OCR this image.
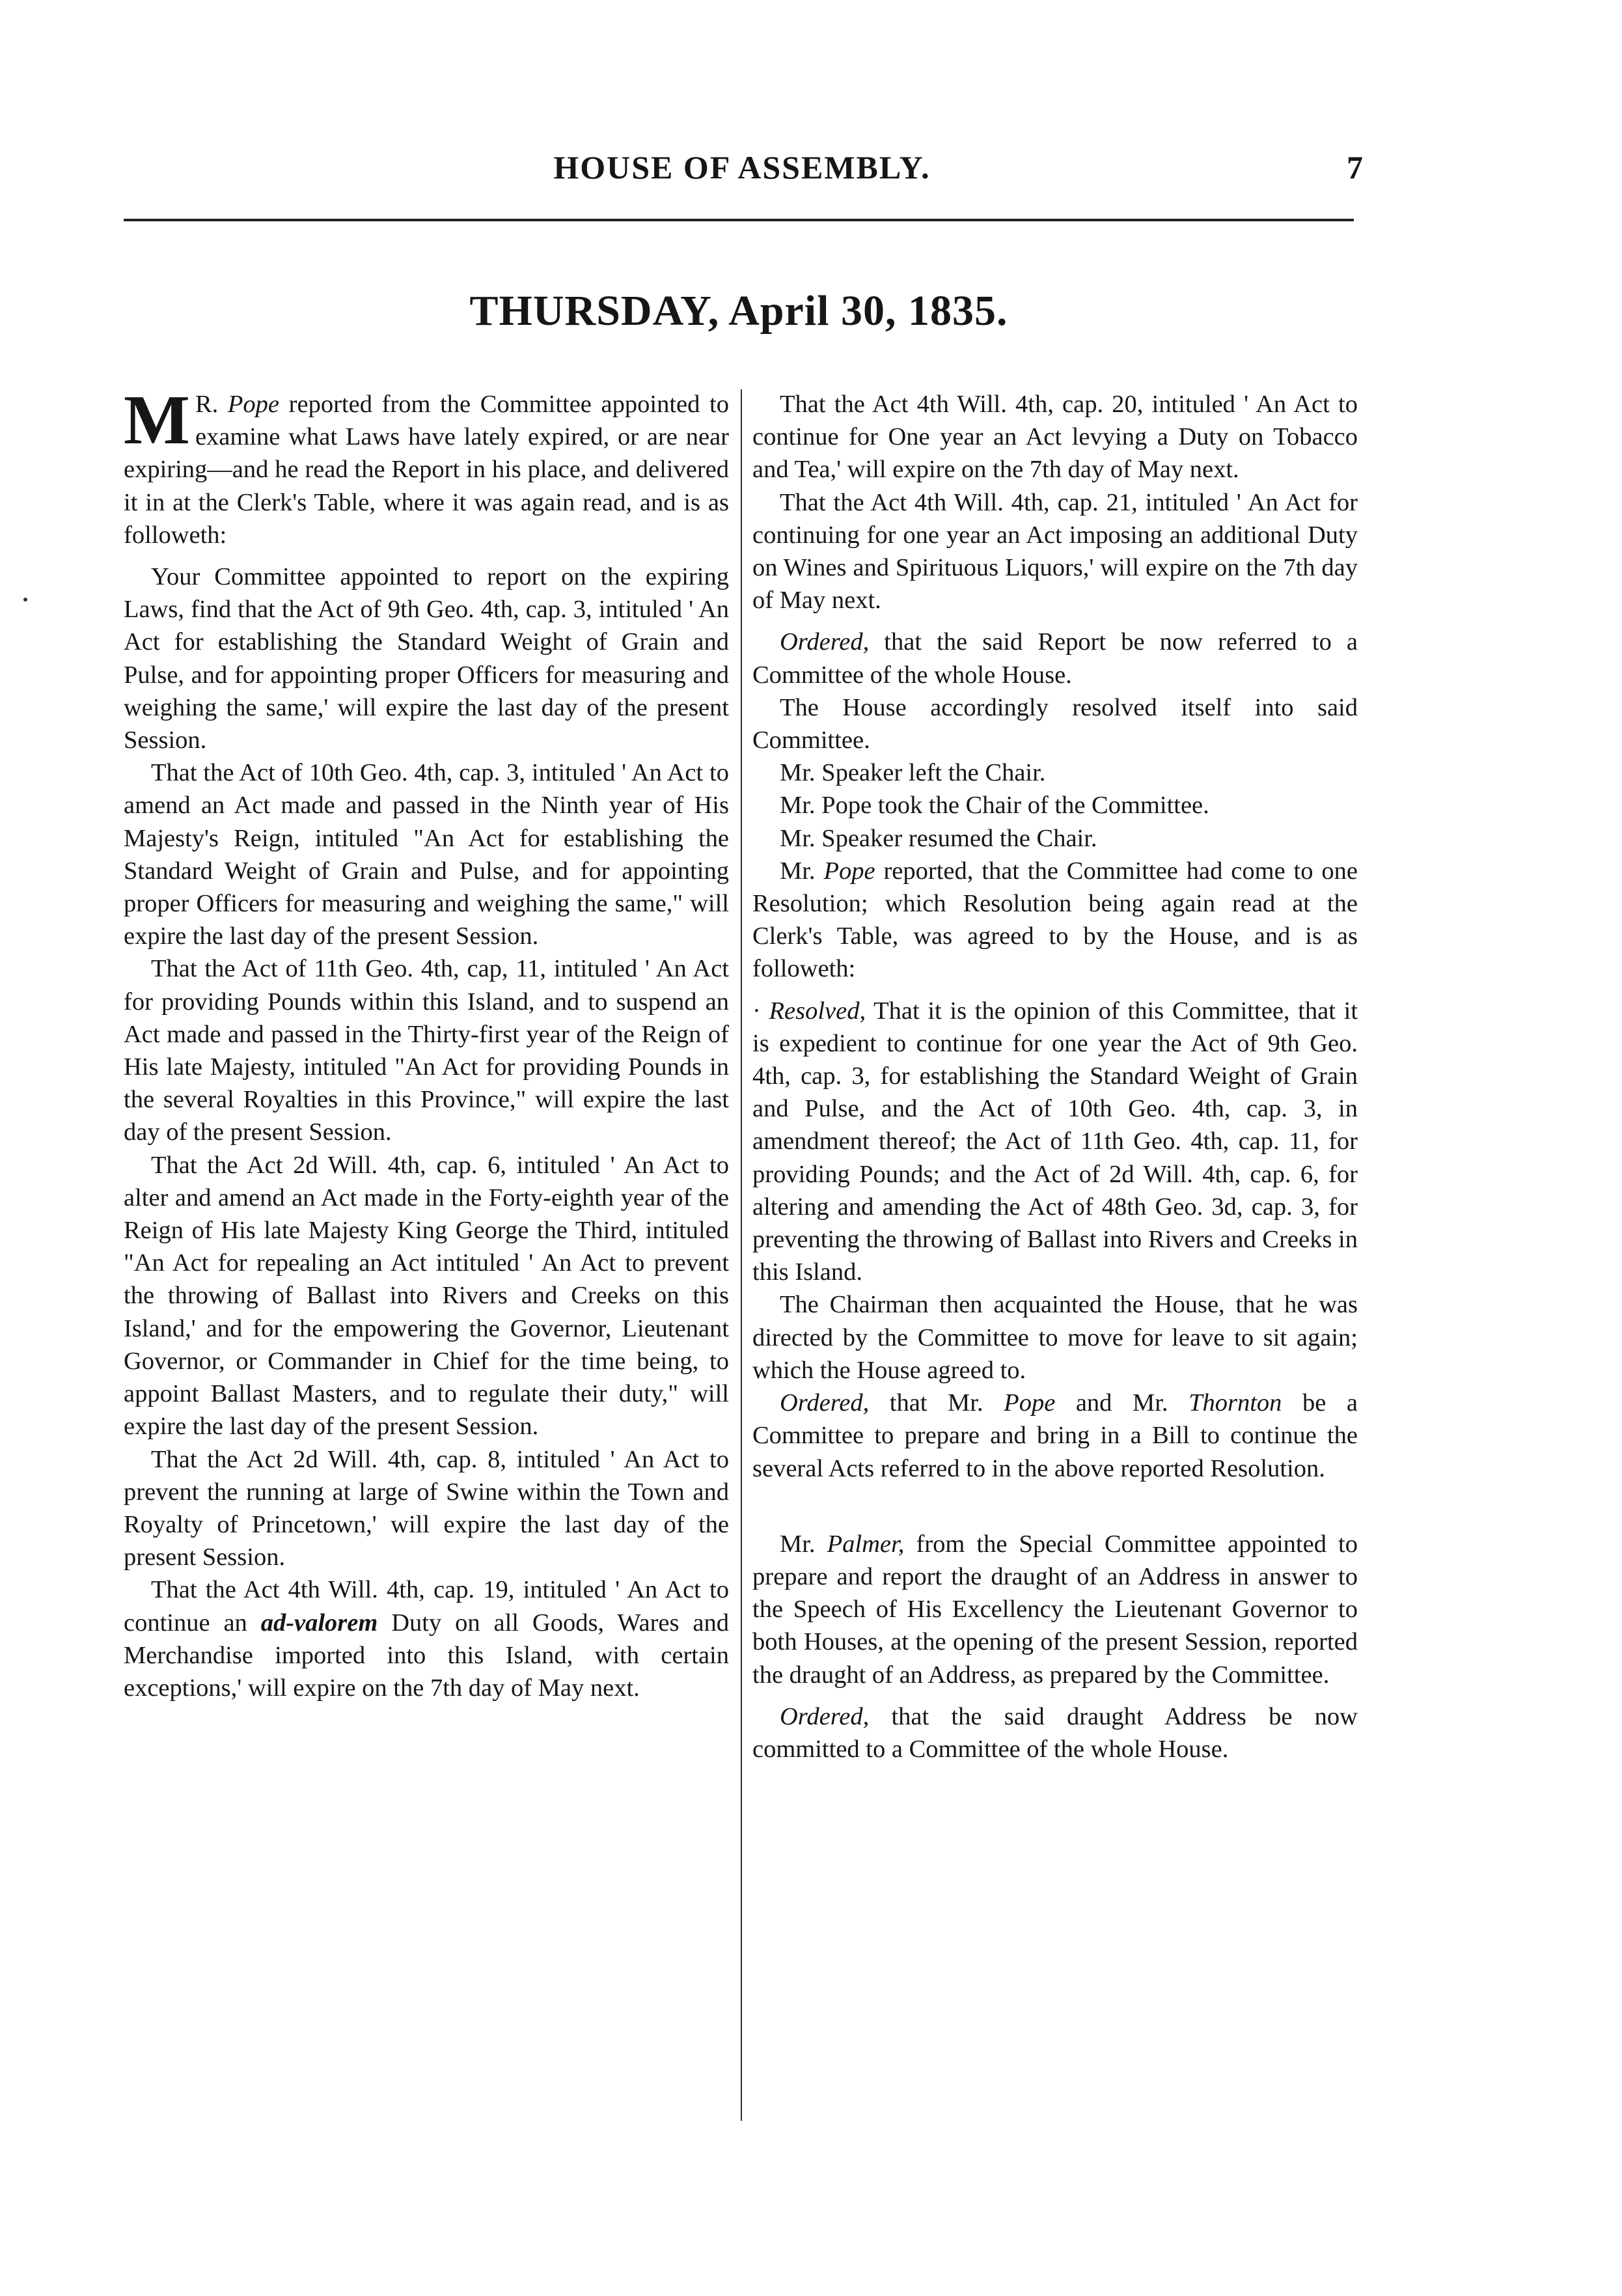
HOUSE OF ASSEMBLY.	7
THURSDAY, April 30, 1835.

M R. Pope reported from the Committee appointed to examine what Laws have lately expired, or are near expiring—and he read the Report in his place, and delivered it in at the Clerk's Table, where it was again read, and is as followeth:

Your Committee appointed to report on the expiring Laws, find that the Act of 9th Geo. 4th, cap. 3, intituled ' An Act for establishing the Standard Weight of Grain and Pulse, and for appointing proper Officers for measuring and weighing the same,' will expire the last day of the present Session.

That the Act of 10th Geo. 4th, cap. 3, intituled ' An Act to amend an Act made and passed in the Ninth year of His Majesty's Reign, intituled "An Act for establishing the Standard Weight of Grain and Pulse, and for appointing proper Officers for measuring and weighing the same," will expire the last day of the present Session.

That the Act of 11th Geo. 4th, cap, 11, intituled ' An Act for providing Pounds within this Island, and to suspend an Act made and passed in the Thirty-first year of the Reign of His late Majesty, intituled "An Act for providing Pounds in the several Royalties in this Province," will expire the last day of the present Session.

That the Act 2d Will. 4th, cap. 6, intituled ' An Act to alter and amend an Act made in the Forty-eighth year of the Reign of His late Majesty King George the Third, intituled "An Act for repealing an Act intituled ' An Act to prevent the throwing of Ballast into Rivers and Creeks on this Island,' and for the empowering the Governor, Lieutenant Governor, or Commander in Chief for the time being, to appoint Ballast Masters, and to regulate their duty," will expire the last day of the present Session.

That the Act 2d Will. 4th, cap. 8, intituled ' An Act to prevent the running at large of Swine within the Town and Royalty of Princetown,' will expire the last day of the present Session.

That the Act 4th Will. 4th, cap. 19, intituled ' An Act to continue an ad-valorem Duty on all Goods, Wares and Merchandise imported into this Island, with certain exceptions,' will expire on the 7th day of May next.

That the Act 4th Will. 4th, cap. 20, intituled ' An Act to continue for One year an Act levying a Duty on Tobacco and Tea,' will expire on the 7th day of May next.

That the Act 4th Will. 4th, cap. 21, intituled ' An Act for continuing for one year an Act imposing an additional Duty on Wines and Spirituous Liquors,' will expire on the 7th day of May next.

Ordered, that the said Report be now referred to a Committee of the whole House.

The House accordingly resolved itself into said Committee.

Mr. Speaker left the Chair.

Mr. Pope took the Chair of the Committee.

Mr. Speaker resumed the Chair.

Mr. Pope reported, that the Committee had come to one Resolution; which Resolution being again read at the Clerk's Table, was agreed to by the House, and is as followeth:

· Resolved, That it is the opinion of this Committee, that it is expedient to continue for one year the Act of 9th Geo. 4th, cap. 3, for establishing the Standard Weight of Grain and Pulse, and the Act of 10th Geo. 4th, cap. 3, in amendment thereof; the Act of 11th Geo. 4th, cap. 11, for providing Pounds; and the Act of 2d Will. 4th, cap. 6, for altering and amending the Act of 48th Geo. 3d, cap. 3, for preventing the throwing of Ballast into Rivers and Creeks in this Island.

The Chairman then acquainted the House, that he was directed by the Committee to move for leave to sit again; which the House agreed to.

Ordered, that Mr. Pope and Mr. Thornton be a Committee to prepare and bring in a Bill to continue the several Acts referred to in the above reported Resolution.

Mr. Palmer, from the Special Committee appointed to prepare and report the draught of an Address in answer to the Speech of His Excellency the Lieutenant Governor to both Houses, at the opening of the present Session, reported the draught of an Address, as prepared by the Committee.

Ordered, that the said draught Address be now committed to a Committee of the whole House.
